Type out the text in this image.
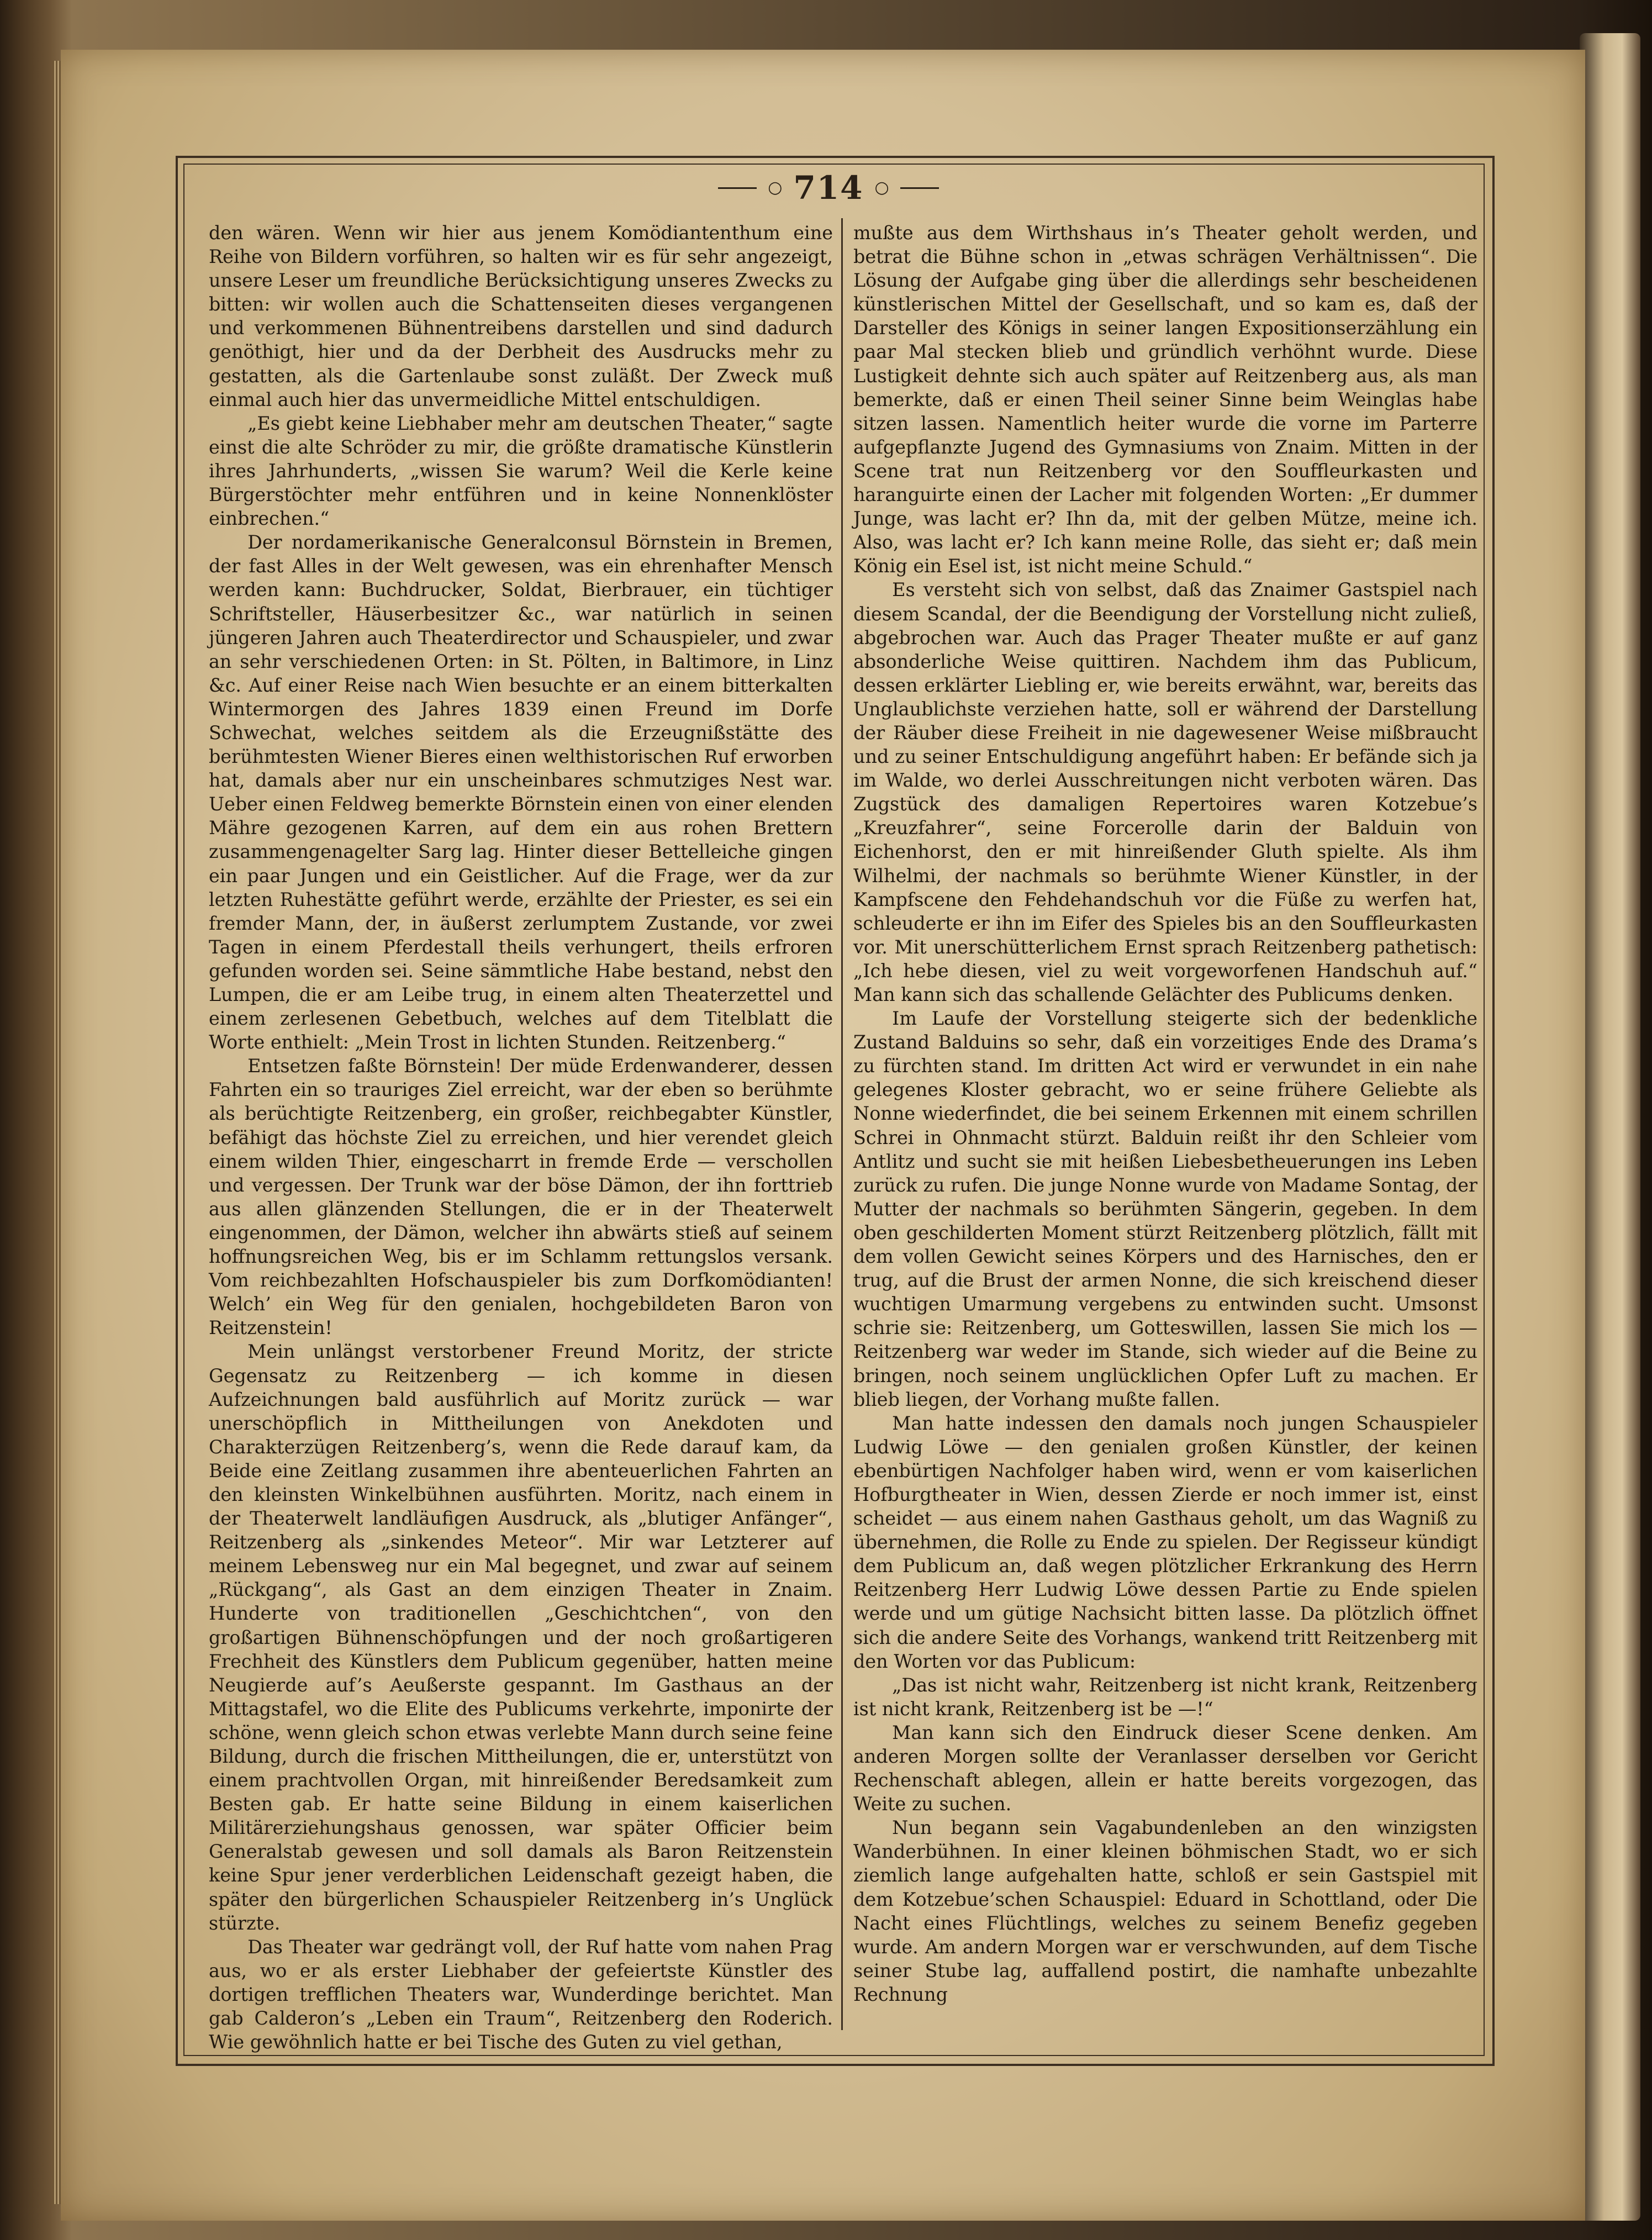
○ 714 ○

den wären. Wenn wir hier aus jenem Komödiantenthum eine Reihe von Bildern vorführen, so halten wir es für sehr angezeigt, unsere Leser um freundliche Berücksichtigung unseres Zwecks zu bitten: wir wollen auch die Schattenseiten dieses vergangenen und verkommenen Bühnentreibens darstellen und sind dadurch genöthigt, hier und da der Derbheit des Ausdrucks mehr zu gestatten, als die Gartenlaube sonst zuläßt. Der Zweck muß einmal auch hier das unvermeidliche Mittel entschuldigen.

„Es giebt keine Liebhaber mehr am deutschen Theater,“ sagte einst die alte Schröder zu mir, die größte dramatische Künstlerin ihres Jahrhunderts, „wissen Sie warum? Weil die Kerle keine Bürgerstöchter mehr entführen und in keine Nonnenklöster einbrechen.“

Der nordamerikanische Generalconsul Börnstein in Bremen, der fast Alles in der Welt gewesen, was ein ehrenhafter Mensch werden kann: Buchdrucker, Soldat, Bierbrauer, ein tüchtiger Schriftsteller, Häuserbesitzer &c., war natürlich in seinen jüngeren Jahren auch Theaterdirector und Schauspieler, und zwar an sehr verschiedenen Orten: in St. Pölten, in Baltimore, in Linz &c. Auf einer Reise nach Wien besuchte er an einem bitterkalten Wintermorgen des Jahres 1839 einen Freund im Dorfe Schwechat, welches seitdem als die Erzeugnißstätte des berühmtesten Wiener Bieres einen welthistorischen Ruf erworben hat, damals aber nur ein unscheinbares schmutziges Nest war. Ueber einen Feldweg bemerkte Börnstein einen von einer elenden Mähre gezogenen Karren, auf dem ein aus rohen Brettern zusammengenagelter Sarg lag. Hinter dieser Bettelleiche gingen ein paar Jungen und ein Geistlicher. Auf die Frage, wer da zur letzten Ruhestätte geführt werde, erzählte der Priester, es sei ein fremder Mann, der, in äußerst zerlumptem Zustande, vor zwei Tagen in einem Pferdestall theils verhungert, theils erfroren gefunden worden sei. Seine sämmtliche Habe bestand, nebst den Lumpen, die er am Leibe trug, in einem alten Theaterzettel und einem zerlesenen Gebetbuch, welches auf dem Titelblatt die Worte enthielt: „Mein Trost in lichten Stunden. Reitzenberg.“

Entsetzen faßte Börnstein! Der müde Erdenwanderer, dessen Fahrten ein so trauriges Ziel erreicht, war der eben so berühmte als berüchtigte Reitzenberg, ein großer, reichbegabter Künstler, befähigt das höchste Ziel zu erreichen, und hier verendet gleich einem wilden Thier, eingescharrt in fremde Erde — verschollen und vergessen. Der Trunk war der böse Dämon, der ihn forttrieb aus allen glänzenden Stellungen, die er in der Theaterwelt eingenommen, der Dämon, welcher ihn abwärts stieß auf seinem hoffnungsreichen Weg, bis er im Schlamm rettungslos versank. Vom reichbezahlten Hofschauspieler bis zum Dorfkomödianten! Welch’ ein Weg für den genialen, hochgebildeten Baron von Reitzenstein!

Mein unlängst verstorbener Freund Moritz, der stricte Gegensatz zu Reitzenberg — ich komme in diesen Aufzeichnungen bald ausführlich auf Moritz zurück — war unerschöpflich in Mittheilungen von Anekdoten und Charakterzügen Reitzenberg’s, wenn die Rede darauf kam, da Beide eine Zeitlang zusammen ihre abenteuerlichen Fahrten an den kleinsten Winkelbühnen ausführten. Moritz, nach einem in der Theaterwelt landläufigen Ausdruck, als „blutiger Anfänger“, Reitzenberg als „sinkendes Meteor“. Mir war Letzterer auf meinem Lebensweg nur ein Mal begegnet, und zwar auf seinem „Rückgang“, als Gast an dem einzigen Theater in Znaim. Hunderte von traditionellen „Geschichtchen“, von den großartigen Bühnenschöpfungen und der noch großartigeren Frechheit des Künstlers dem Publicum gegenüber, hatten meine Neugierde auf’s Aeußerste gespannt. Im Gasthaus an der Mittagstafel, wo die Elite des Publicums verkehrte, imponirte der schöne, wenn gleich schon etwas verlebte Mann durch seine feine Bildung, durch die frischen Mittheilungen, die er, unterstützt von einem prachtvollen Organ, mit hinreißender Beredsamkeit zum Besten gab. Er hatte seine Bildung in einem kaiserlichen Militärerziehungshaus genossen, war später Officier beim Generalstab gewesen und soll damals als Baron Reitzenstein keine Spur jener verderblichen Leidenschaft gezeigt haben, die später den bürgerlichen Schauspieler Reitzenberg in’s Unglück stürzte.

Das Theater war gedrängt voll, der Ruf hatte vom nahen Prag aus, wo er als erster Liebhaber der gefeiertste Künstler des dortigen trefflichen Theaters war, Wunderdinge berichtet. Man gab Calderon’s „Leben ein Traum“, Reitzenberg den Roderich. Wie gewöhnlich hatte er bei Tische des Guten zu viel gethan,

mußte aus dem Wirthshaus in’s Theater geholt werden, und betrat die Bühne schon in „etwas schrägen Verhältnissen“. Die Lösung der Aufgabe ging über die allerdings sehr bescheidenen künstlerischen Mittel der Gesellschaft, und so kam es, daß der Darsteller des Königs in seiner langen Expositionserzählung ein paar Mal stecken blieb und gründlich verhöhnt wurde. Diese Lustigkeit dehnte sich auch später auf Reitzenberg aus, als man bemerkte, daß er einen Theil seiner Sinne beim Weinglas habe sitzen lassen. Namentlich heiter wurde die vorne im Parterre aufgepflanzte Jugend des Gymnasiums von Znaim. Mitten in der Scene trat nun Reitzenberg vor den Souffleurkasten und haranguirte einen der Lacher mit folgenden Worten: „Er dummer Junge, was lacht er? Ihn da, mit der gelben Mütze, meine ich. Also, was lacht er? Ich kann meine Rolle, das sieht er; daß mein König ein Esel ist, ist nicht meine Schuld.“

Es versteht sich von selbst, daß das Znaimer Gastspiel nach diesem Scandal, der die Beendigung der Vorstellung nicht zuließ, abgebrochen war. Auch das Prager Theater mußte er auf ganz absonderliche Weise quittiren. Nachdem ihm das Publicum, dessen erklärter Liebling er, wie bereits erwähnt, war, bereits das Unglaublichste verziehen hatte, soll er während der Darstellung der Räuber diese Freiheit in nie dagewesener Weise mißbraucht und zu seiner Entschuldigung angeführt haben: Er befände sich ja im Walde, wo derlei Ausschreitungen nicht verboten wären. Das Zugstück des damaligen Repertoires waren Kotzebue’s „Kreuzfahrer“, seine Forcerolle darin der Balduin von Eichenhorst, den er mit hinreißender Gluth spielte. Als ihm Wilhelmi, der nachmals so berühmte Wiener Künstler, in der Kampfscene den Fehdehandschuh vor die Füße zu werfen hat, schleuderte er ihn im Eifer des Spieles bis an den Souffleurkasten vor. Mit unerschütterlichem Ernst sprach Reitzenberg pathetisch: „Ich hebe diesen, viel zu weit vorgeworfenen Handschuh auf.“ Man kann sich das schallende Gelächter des Publicums denken.

Im Laufe der Vorstellung steigerte sich der bedenkliche Zustand Balduins so sehr, daß ein vorzeitiges Ende des Drama’s zu fürchten stand. Im dritten Act wird er verwundet in ein nahe gelegenes Kloster gebracht, wo er seine frühere Geliebte als Nonne wiederfindet, die bei seinem Erkennen mit einem schrillen Schrei in Ohnmacht stürzt. Balduin reißt ihr den Schleier vom Antlitz und sucht sie mit heißen Liebesbetheuerungen ins Leben zurück zu rufen. Die junge Nonne wurde von Madame Sontag, der Mutter der nachmals so berühmten Sängerin, gegeben. In dem oben geschilderten Moment stürzt Reitzenberg plötzlich, fällt mit dem vollen Gewicht seines Körpers und des Harnisches, den er trug, auf die Brust der armen Nonne, die sich kreischend dieser wuchtigen Umarmung vergebens zu entwinden sucht. Umsonst schrie sie: Reitzenberg, um Gotteswillen, lassen Sie mich los — Reitzenberg war weder im Stande, sich wieder auf die Beine zu bringen, noch seinem unglücklichen Opfer Luft zu machen. Er blieb liegen, der Vorhang mußte fallen.

Man hatte indessen den damals noch jungen Schauspieler Ludwig Löwe — den genialen großen Künstler, der keinen ebenbürtigen Nachfolger haben wird, wenn er vom kaiserlichen Hofburgtheater in Wien, dessen Zierde er noch immer ist, einst scheidet — aus einem nahen Gasthaus geholt, um das Wagniß zu übernehmen, die Rolle zu Ende zu spielen. Der Regisseur kündigt dem Publicum an, daß wegen plötzlicher Erkrankung des Herrn Reitzenberg Herr Ludwig Löwe dessen Partie zu Ende spielen werde und um gütige Nachsicht bitten lasse. Da plötzlich öffnet sich die andere Seite des Vorhangs, wankend tritt Reitzenberg mit den Worten vor das Publicum:

„Das ist nicht wahr, Reitzenberg ist nicht krank, Reitzenberg ist nicht krank, Reitzenberg ist be —!“

Man kann sich den Eindruck dieser Scene denken. Am anderen Morgen sollte der Veranlasser derselben vor Gericht Rechenschaft ablegen, allein er hatte bereits vorgezogen, das Weite zu suchen.

Nun begann sein Vagabundenleben an den winzigsten Wanderbühnen. In einer kleinen böhmischen Stadt, wo er sich ziemlich lange aufgehalten hatte, schloß er sein Gastspiel mit dem Kotzebue’schen Schauspiel: Eduard in Schottland, oder Die Nacht eines Flüchtlings, welches zu seinem Benefiz gegeben wurde. Am andern Morgen war er verschwunden, auf dem Tische seiner Stube lag, auffallend postirt, die namhafte unbezahlte Rechnung
